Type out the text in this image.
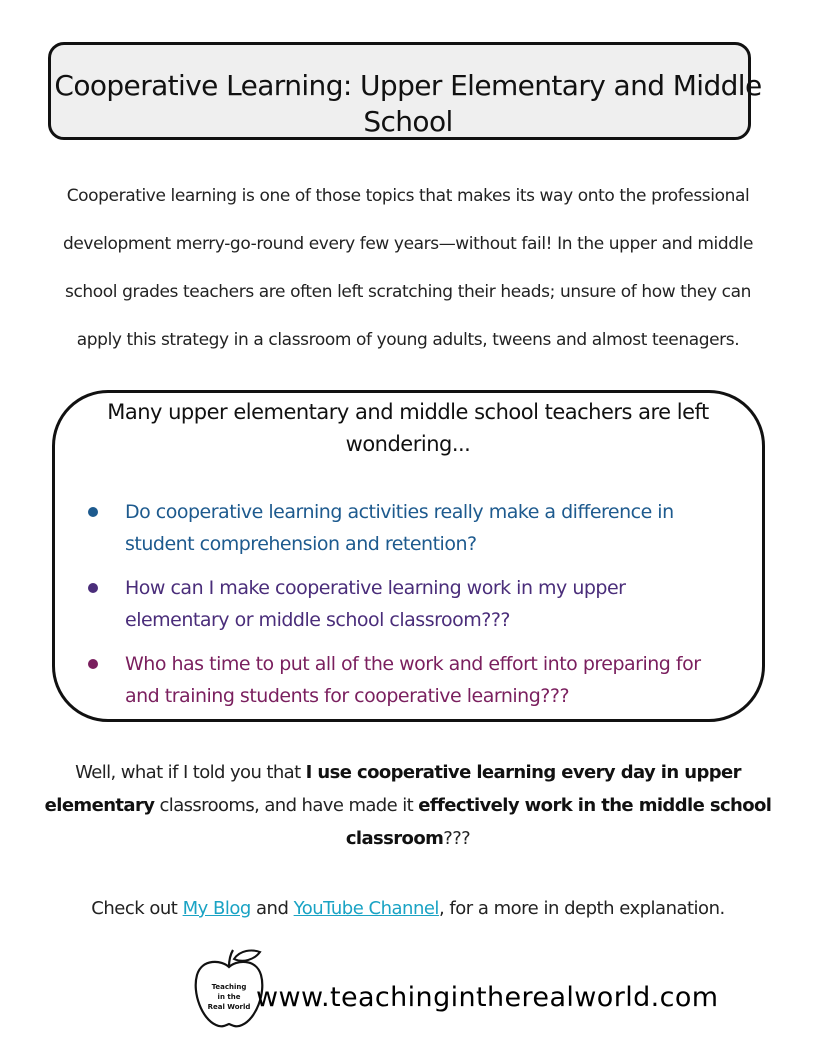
Cooperative Learning: Upper Elementary and Middle School
Cooperative learning is one of those topics that makes its way onto the professional development merry-go-round every few years—without fail! In the upper and middle school grades teachers are often left scratching their heads; unsure of how they can apply this strategy in a classroom of young adults, tweens and almost teenagers.
Many upper elementary and middle school teachers are left wondering...
Do cooperative learning activities really make a difference in student comprehension and retention?
How can I make cooperative learning work in my upper elementary or middle school classroom???
Who has time to put all of the work and effort into preparing for and training students for cooperative learning???
Well, what if I told you that I use cooperative learning every day in upper elementary classrooms, and have made it effectively work in the middle school classroom???
Check out My Blog and YouTube Channel, for a more in depth explanation.
Teaching
in the
Real World www.teachingintherealworld.com
